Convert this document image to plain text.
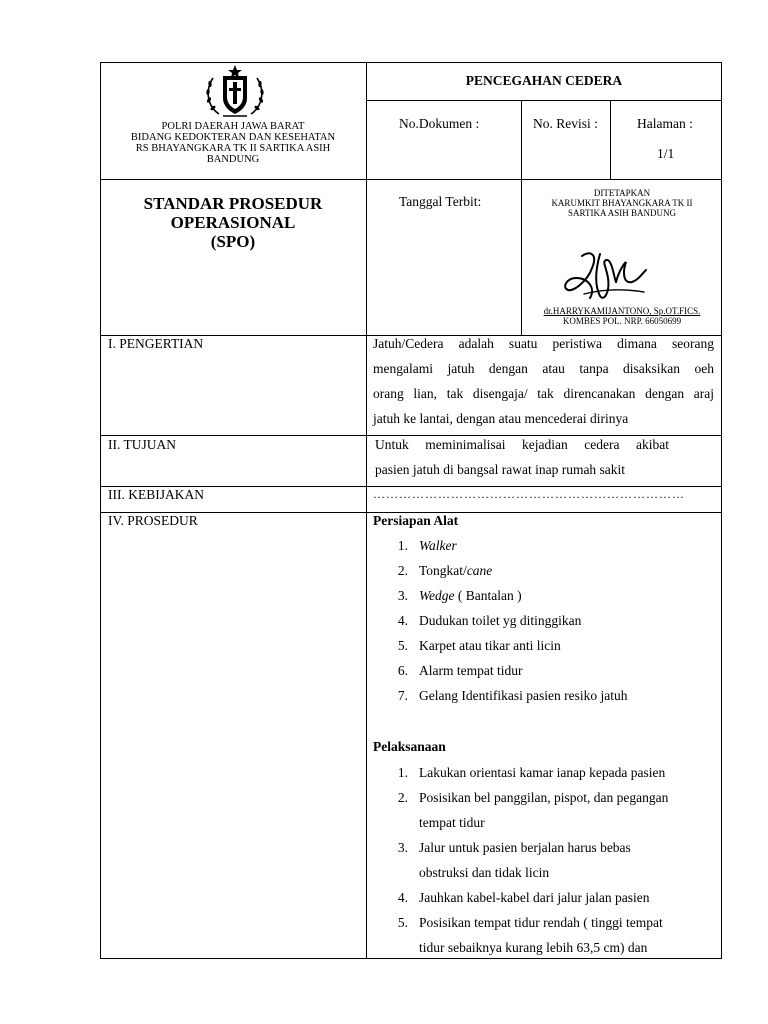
POLRI DAERAH JAWA BARAT
BIDANG KEDOKTERAN DAN KESEHATAN
RS BHAYANGKARA TK II SARTIKA ASIH
BANDUNG
PENCEGAHAN CEDERA
No.Dokumen :	No. Revisi :	Halaman :
1/1
STANDAR PROSEDUR
OPERASIONAL
(SPO)
Tanggal Terbit:
DITETAPKAN
KARUMKIT BHAYANGKARA TK II
SARTIKA ASIH BANDUNG
dr.HARRYKAMIJANTONO, Sp.OT.FICS.
KOMBES POL. NRP. 66050699
I. PENGERTIAN	Jatuh/Cedera adalah suatu peristiwa dimana seorang
mengalami jatuh dengan atau tanpa disaksikan oeh
orang lian, tak disengaja/ tak direncanakan dengan araj
jatuh ke lantai, dengan atau mencederai dirinya
II. TUJUAN	Untuk meminimalisai kejadian cedera akibat
pasien jatuh di bangsal rawat inap rumah sakit
III. KEBIJAKAN	………………………………………………………………
IV. PROSEDUR	Persiapan Alat
1. Walker
2. Tongkat/cane
3. Wedge ( Bantalan )
4. Dudukan toilet yg ditinggikan
5. Karpet atau tikar anti licin
6. Alarm tempat tidur
7. Gelang Identifikasi pasien resiko jatuh
Pelaksanaan
1. Lakukan orientasi kamar ianap kepada pasien
2. Posisikan bel panggilan, pispot, dan pegangan
tempat tidur
3. Jalur untuk pasien berjalan harus bebas
obstruksi dan tidak licin
4. Jauhkan kabel-kabel dari jalur jalan pasien
5. Posisikan tempat tidur rendah ( tinggi tempat
tidur sebaiknya kurang lebih 63,5 cm) dan
